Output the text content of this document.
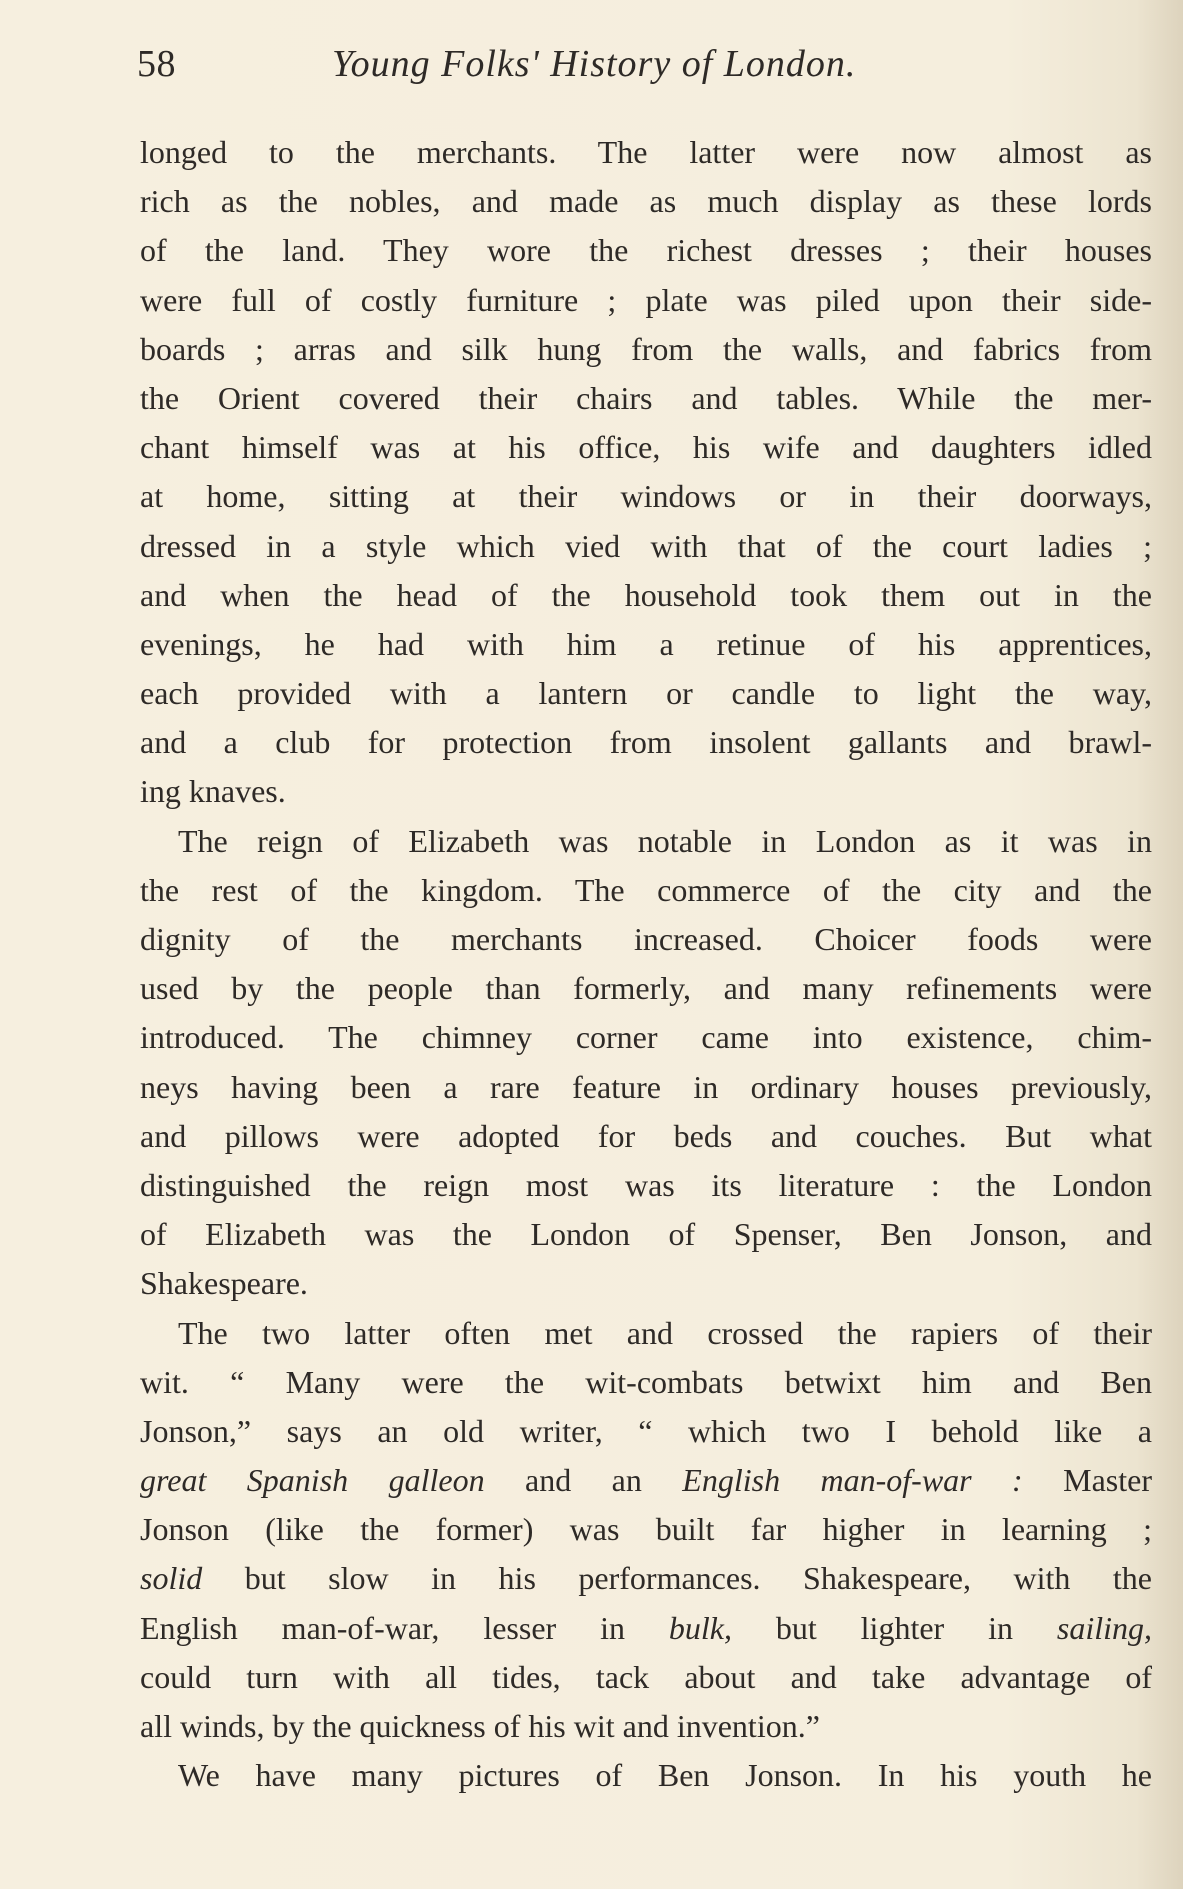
58	Young Folks' History of London.
longed to the merchants. The latter were now almost as
rich as the nobles, and made as much display as these lords
of the land. They wore the richest dresses ; their houses
were full of costly furniture ; plate was piled upon their side-
boards ; arras and silk hung from the walls, and fabrics from
the Orient covered their chairs and tables. While the mer-
chant himself was at his office, his wife and daughters idled
at home, sitting at their windows or in their doorways,
dressed in a style which vied with that of the court ladies ;
and when the head of the household took them out in the
evenings, he had with him a retinue of his apprentices,
each provided with a lantern or candle to light the way,
and a club for protection from insolent gallants and brawl-
ing knaves.
The reign of Elizabeth was notable in London as it was in
the rest of the kingdom. The commerce of the city and the
dignity of the merchants increased. Choicer foods were
used by the people than formerly, and many refinements were
introduced. The chimney corner came into existence, chim-
neys having been a rare feature in ordinary houses previously,
and pillows were adopted for beds and couches. But what
distinguished the reign most was its literature : the London
of Elizabeth was the London of Spenser, Ben Jonson, and
Shakespeare.
The two latter often met and crossed the rapiers of their
wit. “ Many were the wit-combats betwixt him and Ben
Jonson,” says an old writer, “ which two I behold like a
great Spanish galleon and an English man-of-war : Master
Jonson (like the former) was built far higher in learning ;
solid but slow in his performances. Shakespeare, with the
English man-of-war, lesser in bulk, but lighter in sailing,
could turn with all tides, tack about and take advantage of
all winds, by the quickness of his wit and invention.”
We have many pictures of Ben Jonson. In his youth he
